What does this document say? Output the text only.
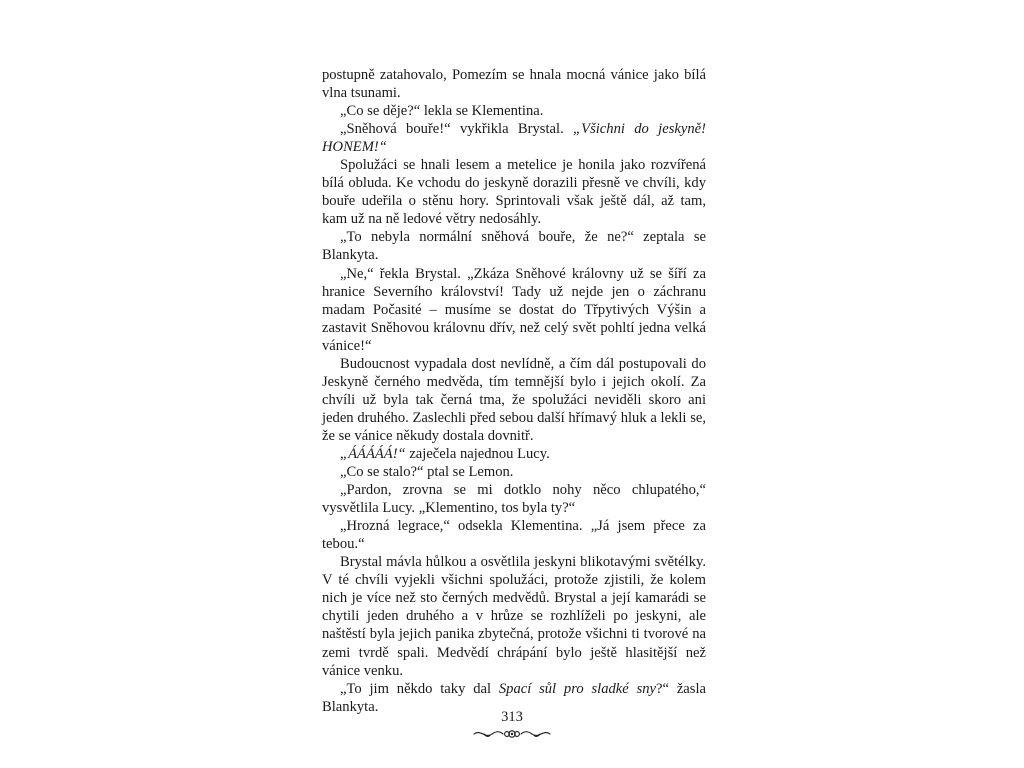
postupně zatahovalo, Pomezím se hnala mocná vánice jako bílá vlna tsunami.

„Co se děje?“ lekla se Klementina.

„Sněhová bouře!“ vykřikla Brystal. „Všichni do jeskyně! HONEM!“

Spolužáci se hnali lesem a metelice je honila jako rozvířená bílá obluda. Ke vchodu do jeskyně dorazili přesně ve chvíli, kdy bouře udeřila o stěnu hory. Sprintovali však ještě dál, až tam, kam už na ně ledové větry nedosáhly.

„To nebyla normální sněhová bouře, že ne?“ zeptala se Blankyta.

„Ne,“ řekla Brystal. „Zkáza Sněhové královny už se šíří za hranice Severního království! Tady už nejde jen o záchranu madam Počasité – musíme se dostat do Třpytivých Výšin a zastavit Sněhovou královnu dřív, než celý svět pohltí jedna velká vánice!“

Budoucnost vypadala dost nevlídně, a čím dál postupovali do Jeskyně černého medvěda, tím temnější bylo i jejich okolí. Za chvíli už byla tak černá tma, že spolužáci neviděli skoro ani jeden druhého. Zaslechli před sebou další hřímavý hluk a lekli se, že se vánice někudy dostala dovnitř.

„ÁÁÁÁÁ!“ zaječela najednou Lucy.

„Co se stalo?“ ptal se Lemon.

„Pardon, zrovna se mi dotklo nohy něco chlupatého,“ vysvětlila Lucy. „Klementino, tos byla ty?“

„Hrozná legrace,“ odsekla Klementina. „Já jsem přece za tebou.“

Brystal mávla hůlkou a osvětlila jeskyni blikotavými světélky. V té chvíli vyjekli všichni spolužáci, protože zjistili, že kolem nich je více než sto černých medvědů. Brystal a její kamarádi se chytili jeden druhého a v hrůze se rozhlíželi po jeskyni, ale naštěstí byla jejich panika zbytečná, protože všichni ti tvorové na zemi tvrdě spali. Medvědí chrápání bylo ještě hlasitější než vánice venku.

„To jim někdo taky dal Spací sůl pro sladké sny?“ žasla Blankyta.

313
